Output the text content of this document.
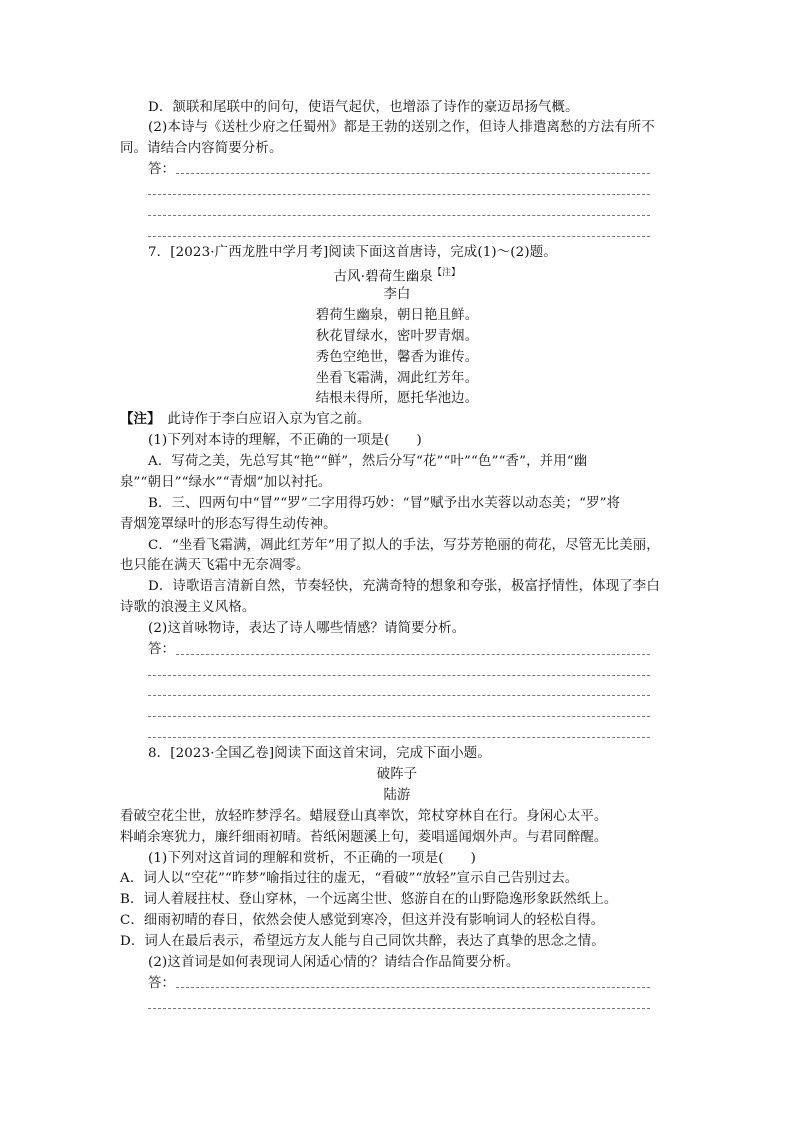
D．颔联和尾联中的问句，使语气起伏，也增添了诗作的豪迈昂扬气概。
(2)本诗与《送杜少府之任蜀州》都是王勃的送别之作，但诗人排遣离愁的方法有所不
同。请结合内容简要分析。
答：
7．[2023·广西龙胜中学月考]阅读下面这首唐诗，完成(1)～(2)题。
古风·碧荷生幽泉$^{【注】}$
李白
碧荷生幽泉，朝日艳且鲜。
秋花冒绿水，密叶罗青烟。
秀色空绝世，馨香为谁传。
坐看飞霜满，凋此红芳年。
结根未得所，愿托华池边。
【注】　 此诗作于李白应诏入京为官之前。
(1)下列对本诗的理解，不正确的一项是(　　)
A．写荷之美，先总写其“艳”“鲜”，然后分写“花”“叶”“色”“香”，并用“幽
泉”“朝日”“绿水”“青烟”加以衬托。
B．三、四两句中“冒”“罗”二字用得巧妙：“冒”赋予出水芙蓉以动态美；“罗”将
青烟笼罩绿叶的形态写得生动传神。
C．“坐看飞霜满，凋此红芳年”用了拟人的手法，写芬芳艳丽的荷花，尽管无比美丽，
也只能在满天飞霜中无奈凋零。
D．诗歌语言清新自然，节奏轻快，充满奇特的想象和夸张，极富抒情性，体现了李白
诗歌的浪漫主义风格。
(2)这首咏物诗，表达了诗人哪些情感？请简要分析。
答：
8．[2023·全国乙卷]阅读下面这首宋词，完成下面小题。
破阵子
陆游
看破空花尘世，放轻昨梦浮名。蜡屐登山真率饮，筇杖穿林自在行。身闲心太平。
料峭余寒犹力，廉纤细雨初晴。苔纸闲题溪上句，菱唱遥闻烟外声。与君同醉醒。
(1)下列对这首词的理解和赏析，不正确的一项是(　　)
A．词人以“空花”“昨梦”喻指过往的虚无，“看破”“放轻”宣示自己告别过去。
B．词人着屐拄杖、登山穿林，一个远离尘世、悠游自在的山野隐逸形象跃然纸上。
C．细雨初晴的春日，依然会使人感觉到寒冷，但这并没有影响词人的轻松自得。
D．词人在最后表示，希望远方友人能与自己同饮共醉，表达了真挚的思念之情。
(2)这首词是如何表现词人闲适心情的？请结合作品简要分析。
答：
